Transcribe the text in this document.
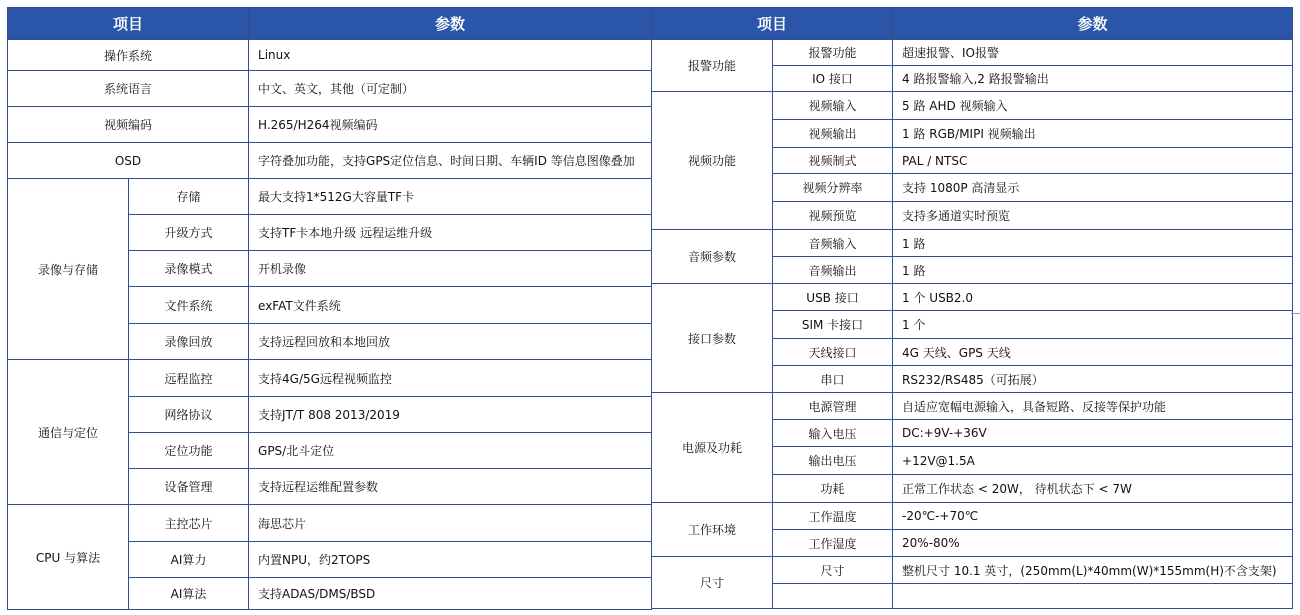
项目		参数
操作系统		Linux
系统语言		中文、英文，其他（可定制）
视频编码		H.265/H264视频编码
OSD		字符叠加功能，支持GPS定位信息、时间日期、车辆ID 等信息图像叠加
录像与存储	存储	最大支持1*512G大容量TF卡
	升级方式	支持TF卡本地升级 远程运维升级
	录像模式	开机录像
	文件系统	exFAT文件系统
	录像回放	支持远程回放和本地回放
通信与定位	远程监控	支持4G/5G远程视频监控
	网络协议	支持JT/T 808 2013/2019
	定位功能	GPS/北斗定位
	设备管理	支持远程运维配置参数
CPU 与算法	主控芯片	海思芯片
	AI算力	内置NPU，约2TOPS
	AI算法	支持ADAS/DMS/BSD
项目		参数
报警功能	报警功能	超速报警、IO报警
	IO 接口	4 路报警输入,2 路报警输出
视频功能	视频输入	5 路 AHD 视频输入
	视频输出	1 路 RGB/MIPI 视频输出
	视频制式	PAL / NTSC
	视频分辨率	支持 1080P 高清显示
	视频预览	支持多通道实时预览
音频参数	音频输入	1 路
	音频输出	1 路
接口参数	USB 接口	1 个 USB2.0
	SIM 卡接口	1 个
	天线接口	4G 天线、GPS 天线
	串口	RS232/RS485（可拓展）
电源及功耗	电源管理	自适应宽幅电源输入，具备短路、反接等保护功能
	输入电压	DC:+9V-+36V
	输出电压	+12V@1.5A
	功耗	正常工作状态 < 20W， 待机状态下 < 7W
工作环境	工作温度	-20℃-+70℃
	工作湿度	20%-80%
尺寸	尺寸	整机尺寸 10.1 英寸，(250mm(L)*40mm(W)*155mm(H)不含支架)
